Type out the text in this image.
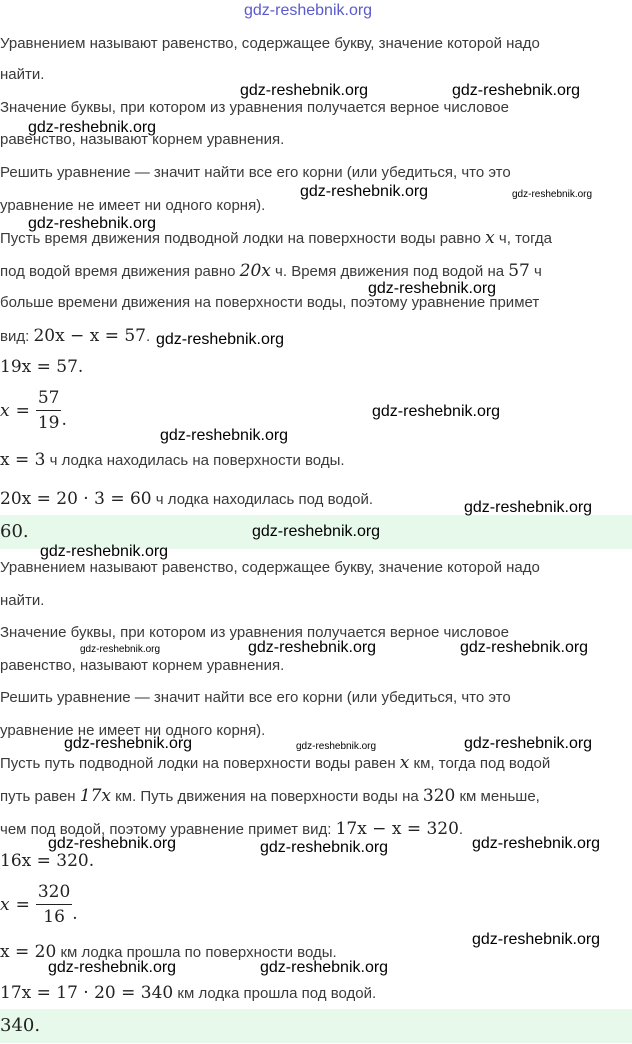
gdz-reshebnik.org
Уравнением называют равенство, содержащее букву, значение которой надо
найти.
Значение буквы, при котором из уравнения получается верное числовое
равенство, называют корнем уравнения.
Решить уравнение — значит найти все его корни (или убедиться, что это
уравнение не имеет ни одного корня).
Пусть время движения подводной лодки на поверхности воды равно x ч, тогда
под водой время движения равно 20x ч. Время движения под водой на 57 ч
больше времени движения на поверхности воды, поэтому уравнение примет
вид: 20x − x = 57.
19x = 57.
$x = \frac{57}{19}$ .
x = 3 ч лодка находилась на поверхности воды.
20x = 20 · 3 = 60 ч лодка находилась под водой.
60.
Уравнением называют равенство, содержащее букву, значение которой надо
найти.
Значение буквы, при котором из уравнения получается верное числовое
равенство, называют корнем уравнения.
Решить уравнение — значит найти все его корни (или убедиться, что это
уравнение не имеет ни одного корня).
Пусть путь подводной лодки на поверхности воды равен x км, тогда под водой
путь равен 17x км. Путь движения на поверхности воды на 320 км меньше,
чем под водой, поэтому уравнение примет вид: 17x − x = 320.
16x = 320.
$x = \frac{320}{16}$ .
x = 20 км лодка прошла по поверхности воды.
17x = 17 · 20 = 340 км лодка прошла под водой.
340.
gdz-reshebnik.org	gdz-reshebnik.org
gdz-reshebnik.org
gdz-reshebnik.org	gdz-reshebnik.org
gdz-reshebnik.org
gdz-reshebnik.org
gdz-reshebnik.org
gdz-reshebnik.org
gdz-reshebnik.org
gdz-reshebnik.org
gdz-reshebnik.org
gdz-reshebnik.org
gdz-reshebnik.org	gdz-reshebnik.org	gdz-reshebnik.org
gdz-reshebnik.org	gdz-reshebnik.org	gdz-reshebnik.org
gdz-reshebnik.org	gdz-reshebnik.org	gdz-reshebnik.org
gdz-reshebnik.org
gdz-reshebnik.org	gdz-reshebnik.org
